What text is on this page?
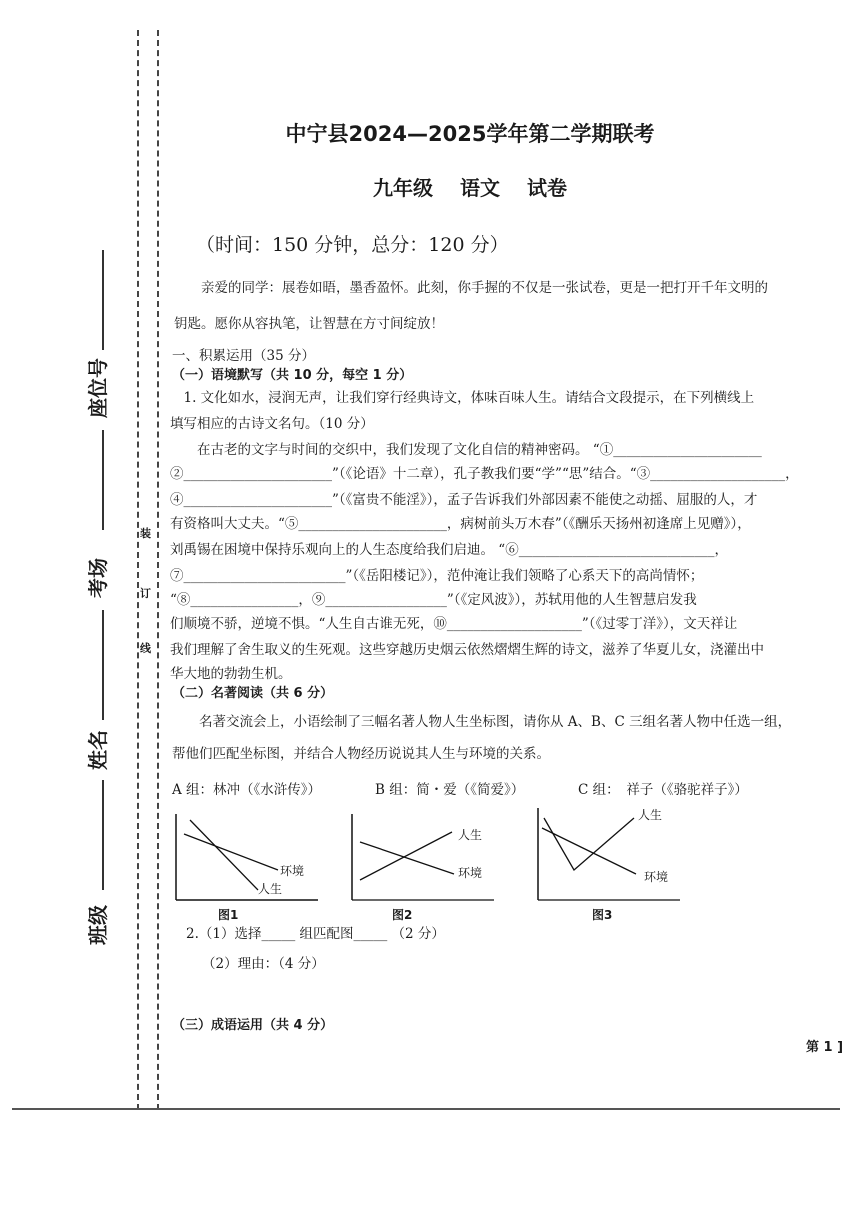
座位号
考场
姓名
班级
装
订
线
中宁县2024—2025学年第二学期联考
九年级　 语文　 试卷
（时间：150 分钟，总分：120 分）
　　亲爱的同学：展卷如晤，墨香盈怀。此刻，你手握的不仅是一张试卷，更是一把打开千年文明的
钥匙。愿你从容执笔，让智慧在方寸间绽放！
一、积累运用（35 分）
（一）语境默写（共 10 分，每空 1 分）
　1. 文化如水，浸润无声，让我们穿行经典诗文，体味百味人生。请结合文段提示，在下列横线上
填写相应的古诗文名句。（10 分）
　　在古老的文字与时间的交织中，我们发现了文化自信的精神密码。 “①______________________
②______________________”（《论语》十二章），孔子教我们要“学”“思”结合。“③____________________，
④______________________”（《富贵不能淫》），孟子告诉我们外部因素不能使之动摇、屈服的人，才
有资格叫大丈夫。“⑤______________________，病树前头万木春”（《酬乐天扬州初逢席上见赠》），
刘禹锡在困境中保持乐观向上的人生态度给我们启迪。 “⑥_____________________________，
⑦________________________”（《岳阳楼记》），范仲淹让我们领略了心系天下的高尚情怀；
“⑧________________，⑨__________________”（《定风波》），苏轼用他的人生智慧启发我
们顺境不骄，逆境不惧。“人生自古谁无死，⑩____________________”（《过零丁洋》），文天祥让
我们理解了舍生取义的生死观。这些穿越历史烟云依然熠熠生辉的诗文，滋养了华夏儿女，浇灌出中
华大地的勃勃生机。
（二）名著阅读（共 6 分）
　　名著交流会上，小语绘制了三幅名著人物人生坐标图，请你从 A、B、C 三组名著人物中任选一组，
帮他们匹配坐标图，并结合人物经历说说其人生与环境的关系。
A 组：林冲（《水浒传》）	B 组：简・爱（《简爱》）	C 组：　祥子（《骆驼祥子》）
环境
人生
图1
人生
环境
图2
人生
环境
图3
2.（1）选择_____ 组匹配图_____ （2 分）
（2）理由：（4 分）
（三）成语运用（共 4 分）
第 1 ]
